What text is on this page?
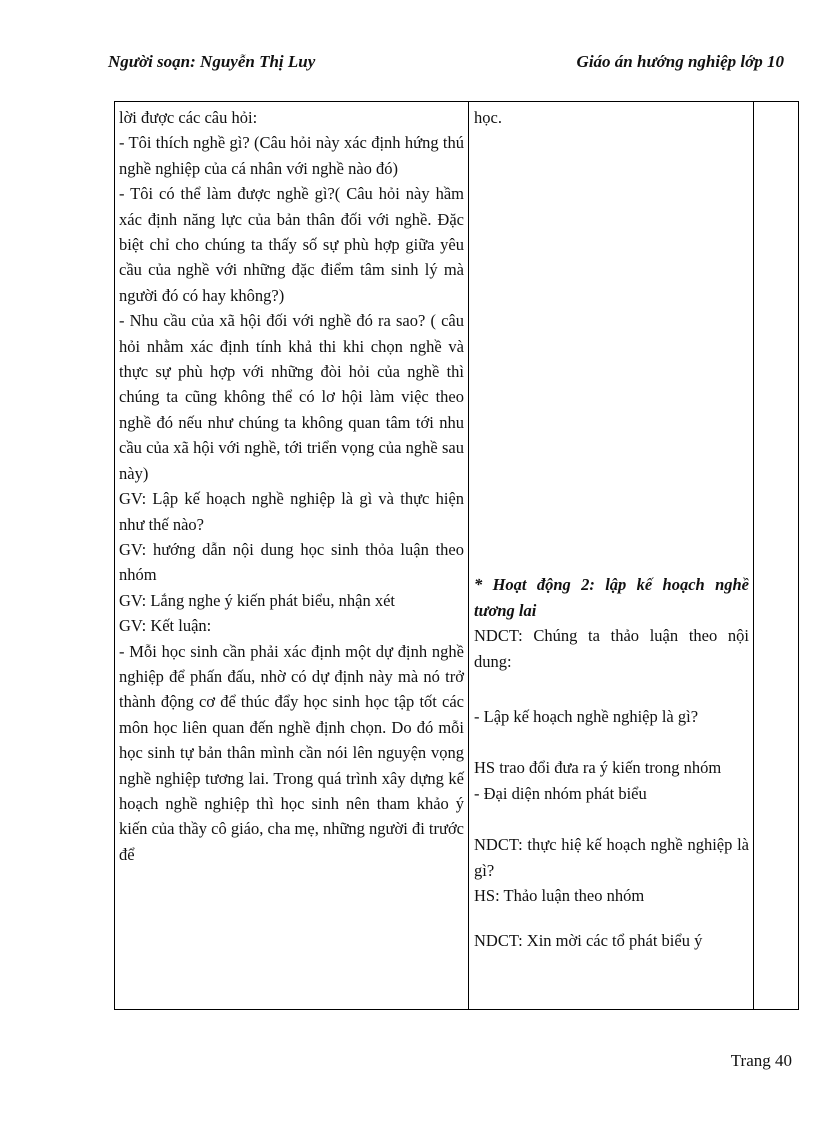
Người soạn: Nguyễn Thị Luy	Giáo án hướng nghiệp lớp 10

lời được các câu hỏi:

- Tôi thích nghề gì? (Câu hỏi này xác định hứng thú nghề nghiệp của cá nhân với nghề nào đó)

- Tôi có thể làm được nghề gì?( Câu hỏi này hầm xác định năng lực của bản thân đối với nghề. Đặc biệt chỉ cho chúng ta thấy số sự phù hợp giữa yêu cầu của nghề với những đặc điểm tâm sinh lý mà người đó có hay không?)

- Nhu cầu của xã hội đối với nghề đó ra sao? ( câu hỏi nhằm xác định tính khả thi khi chọn nghề và thực sự phù hợp với những đòi hỏi của nghề thì chúng ta cũng không thể có lơ hội làm việc theo nghề đó nếu như chúng ta không quan tâm tới nhu cầu của xã hội với nghề, tới triển vọng của nghề sau này)

GV: Lập kế hoạch nghề nghiệp là gì và thực hiện như thế nào?

GV: hướng dẫn nội dung học sinh thỏa luận theo nhóm

GV: Lắng nghe ý kiến phát biểu, nhận xét

GV: Kết luận:

- Mỗi học sinh cần phải xác định một dự định nghề nghiệp để phấn đấu, nhờ có dự định này mà nó trở thành động cơ để thúc đẩy học sinh học tập tốt các môn học liên quan đến nghề định chọn. Do đó mỗi học sinh tự bản thân mình cần nói lên nguyện vọng nghề nghiệp tương lai. Trong quá trình xây dựng kế hoạch nghề nghiệp thì học sinh nên tham khảo ý kiến của thầy cô giáo, cha mẹ, những người đi trước để

học.

* Hoạt động 2: lập kế hoạch nghề tương lai

NDCT: Chúng ta thảo luận theo nội dung:

- Lập kế hoạch nghề nghiệp là gì?

HS trao đổi đưa ra ý kiến trong nhóm

- Đại diện nhóm phát biểu

NDCT: thực hiệ kế hoạch nghề nghiệp là gì?

HS: Thảo luận theo nhóm

NDCT: Xin mời các tổ phát biểu ý

Trang 40
